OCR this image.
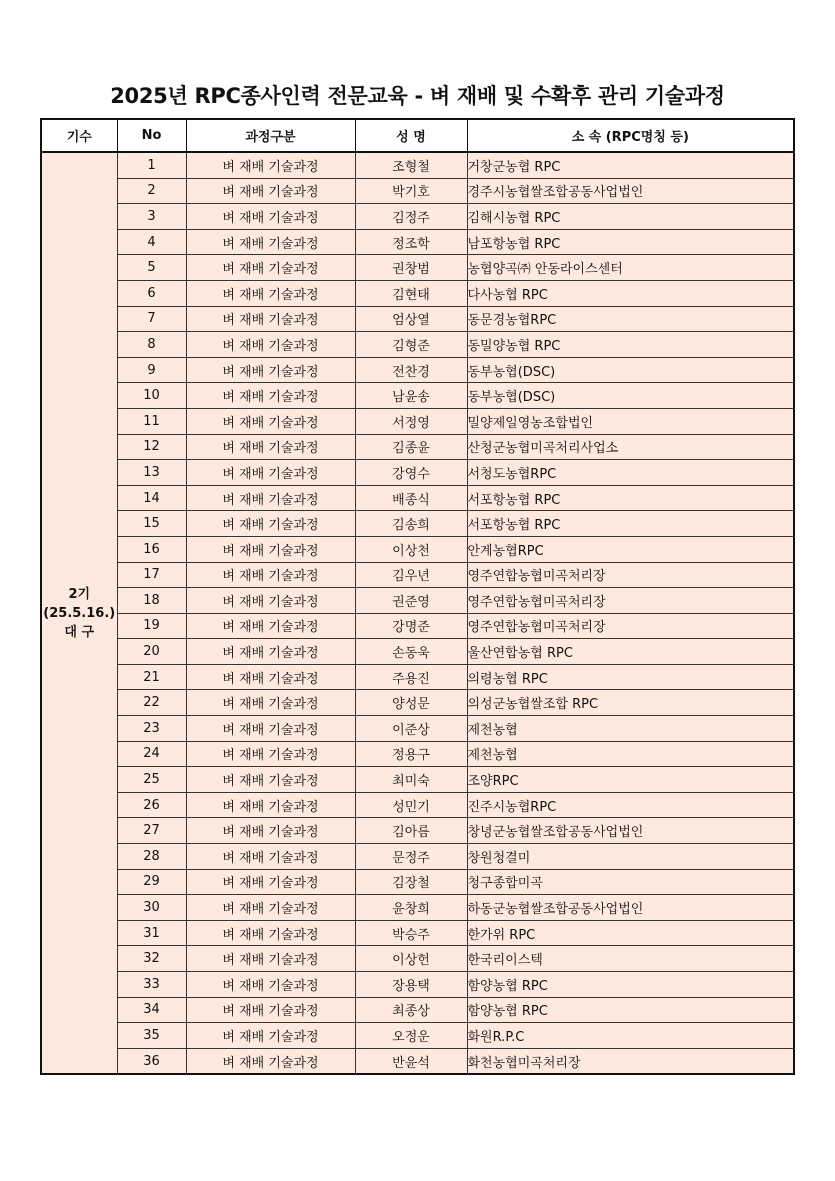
2025년 RPC종사인력 전문교육 - 벼 재배 및 수확후 관리 기술과정
기수	No	과정구분	성 명	소 속 (RPC명칭 등)

2기
(25.5.16.)
대 구	1	벼 재배 기술과정	조형철	거창군농협 RPC
	2	벼 재배 기술과정	박기호	경주시농협쌀조합공동사업법인
	3	벼 재배 기술과정	김정주	김해시농협 RPC
	4	벼 재배 기술과정	정조학	남포항농협 RPC
	5	벼 재배 기술과정	권창범	농협양곡㈜ 안동라이스센터
	6	벼 재배 기술과정	김현태	다사농협 RPC
	7	벼 재배 기술과정	엄상열	동문경농협RPC
	8	벼 재배 기술과정	김형준	동밀양농협 RPC
	9	벼 재배 기술과정	전찬경	동부농협(DSC)
	10	벼 재배 기술과정	남윤송	동부농협(DSC)
	11	벼 재배 기술과정	서정영	밀양제일영농조합법인
	12	벼 재배 기술과정	김종윤	산청군농협미곡처리사업소
	13	벼 재배 기술과정	강영수	서청도농협RPC
	14	벼 재배 기술과정	배종식	서포항농협 RPC
	15	벼 재배 기술과정	김송희	서포항농협 RPC
	16	벼 재배 기술과정	이상천	안계농협RPC
	17	벼 재배 기술과정	김우년	영주연합농협미곡처리장
	18	벼 재배 기술과정	권준영	영주연합농협미곡처리장
	19	벼 재배 기술과정	강명준	영주연합농협미곡처리장
	20	벼 재배 기술과정	손동욱	울산연합농협 RPC
	21	벼 재배 기술과정	주용진	의령농협 RPC
	22	벼 재배 기술과정	양성문	의성군농협쌀조합 RPC
	23	벼 재배 기술과정	이준상	제천농협
	24	벼 재배 기술과정	정용구	제천농협
	25	벼 재배 기술과정	최미숙	조양RPC
	26	벼 재배 기술과정	성민기	진주시농협RPC
	27	벼 재배 기술과정	김아름	창녕군농협쌀조합공동사업법인
	28	벼 재배 기술과정	문정주	창원청결미
	29	벼 재배 기술과정	김장철	청구종합미곡
	30	벼 재배 기술과정	윤창희	하동군농협쌀조합공동사업법인
	31	벼 재배 기술과정	박승주	한가위 RPC
	32	벼 재배 기술과정	이상헌	한국리이스텍
	33	벼 재배 기술과정	장용택	함양농협 RPC
	34	벼 재배 기술과정	최종상	함양농협 RPC
	35	벼 재배 기술과정	오정운	화원R.P.C
	36	벼 재배 기술과정	반윤석	화천농협미곡처리장
